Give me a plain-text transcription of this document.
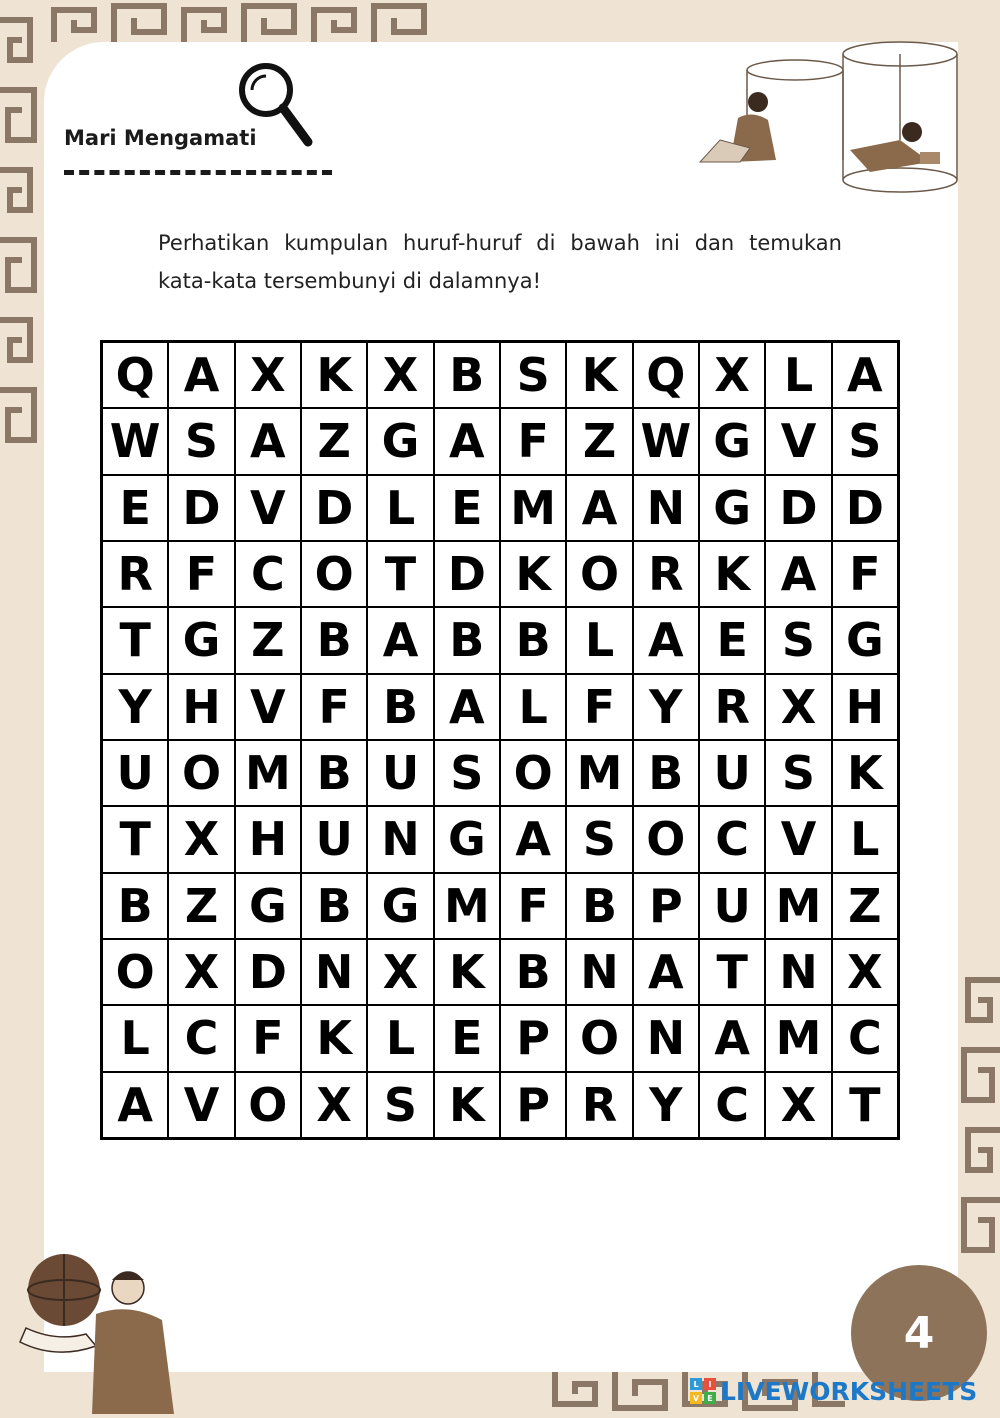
Mari Mengamati
Perhatikan kumpulan huruf-huruf di bawah ini dan temukan kata-kata tersembunyi di dalamnya!
Q A X K X B S K Q X L A
W S A Z G A F Z W G V S
E D V D L E M A N G D D
R F C O T D K O R K A F
T G Z B A B B L A E S G
Y H V F B A L F Y R X H
U O M B U S O M B U S K
T X H U N G A S O C V L
B Z G B G M F B P U M Z
O X D N X K B N A T N X
L C F K L E P O N A M C
A V O X S K P R Y C X T
4
L I
V E LIVEWORKSHEETS
